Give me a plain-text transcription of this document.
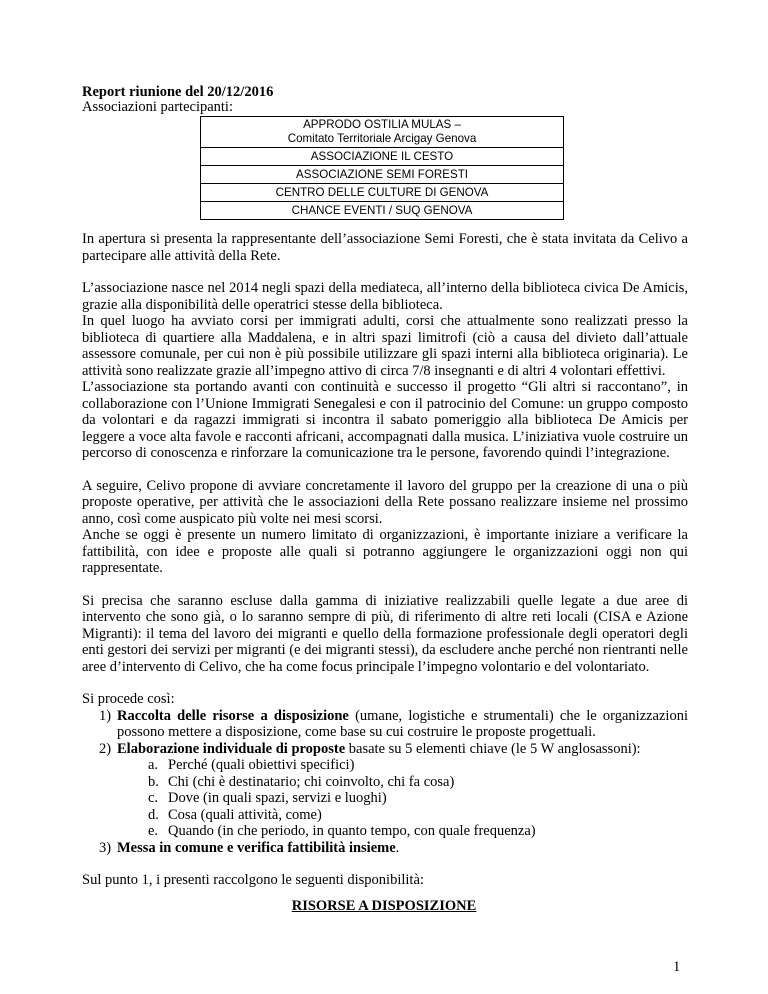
Report riunione del 20/12/2016
Associazioni partecipanti:
APPRODO OSTILIA MULAS –
Comitato Territoriale Arcigay Genova
ASSOCIAZIONE IL CESTO
ASSOCIAZIONE SEMI FORESTI
CENTRO DELLE CULTURE DI GENOVA
CHANCE EVENTI / SUQ GENOVA

In apertura si presenta la rappresentante dell’associazione Semi Foresti, che è stata invitata da Celivo a partecipare alle attività della Rete.

L’associazione nasce nel 2014 negli spazi della mediateca, all’interno della biblioteca civica De Amicis, grazie alla disponibilità delle operatrici stesse della biblioteca.

In quel luogo ha avviato corsi per immigrati adulti, corsi che attualmente sono realizzati presso la biblioteca di quartiere alla Maddalena, e in altri spazi limitrofi (ciò a causa del divieto dall’attuale assessore comunale, per cui non è più possibile utilizzare gli spazi interni alla biblioteca originaria). Le attività sono realizzate grazie all’impegno attivo di circa 7/8 insegnanti e di altri 4 volontari effettivi.

L’associazione sta portando avanti con continuità e successo il progetto “Gli altri si raccontano”, in collaborazione con l’Unione Immigrati Senegalesi e con il patrocinio del Comune: un gruppo composto da volontari e da ragazzi immigrati si incontra il sabato pomeriggio alla biblioteca De Amicis per leggere a voce alta favole e racconti africani, accompagnati dalla musica. L’iniziativa vuole costruire un percorso di conoscenza e rinforzare la comunicazione tra le persone, favorendo quindi l’integrazione.

A seguire, Celivo propone di avviare concretamente il lavoro del gruppo per la creazione di una o più proposte operative, per attività che le associazioni della Rete possano realizzare insieme nel prossimo anno, così come auspicato più volte nei mesi scorsi.

Anche se oggi è presente un numero limitato di organizzazioni, è importante iniziare a verificare la fattibilità, con idee e proposte alle quali si potranno aggiungere le organizzazioni oggi non qui rappresentate.

Si precisa che saranno escluse dalla gamma di iniziative realizzabili quelle legate a due aree di intervento che sono già, o lo saranno sempre di più, di riferimento di altre reti locali (CISA e Azione Migranti): il tema del lavoro dei migranti e quello della formazione professionale degli operatori degli enti gestori dei servizi per migranti (e dei migranti stessi), da escludere anche perché non rientranti nelle aree d’intervento di Celivo, che ha come focus principale l’impegno volontario e del volontariato.

Si procede così:

1) Raccolta delle risorse a disposizione (umane, logistiche e strumentali) che le organizzazioni possono mettere a disposizione, come base su cui costruire le proposte progettuali.
2) Elaborazione individuale di proposte basate su 5 elementi chiave (le 5 W anglosassoni):
a. Perché (quali obiettivi specifici)
b. Chi (chi è destinatario; chi coinvolto, chi fa cosa)
c. Dove (in quali spazi, servizi e luoghi)
d. Cosa (quali attività, come)
e. Quando (in che periodo, in quanto tempo, con quale frequenza)
3) Messa in comune e verifica fattibilità insieme.

Sul punto 1, i presenti raccolgono le seguenti disponibilità:

RISORSE A DISPOSIZIONE
1
